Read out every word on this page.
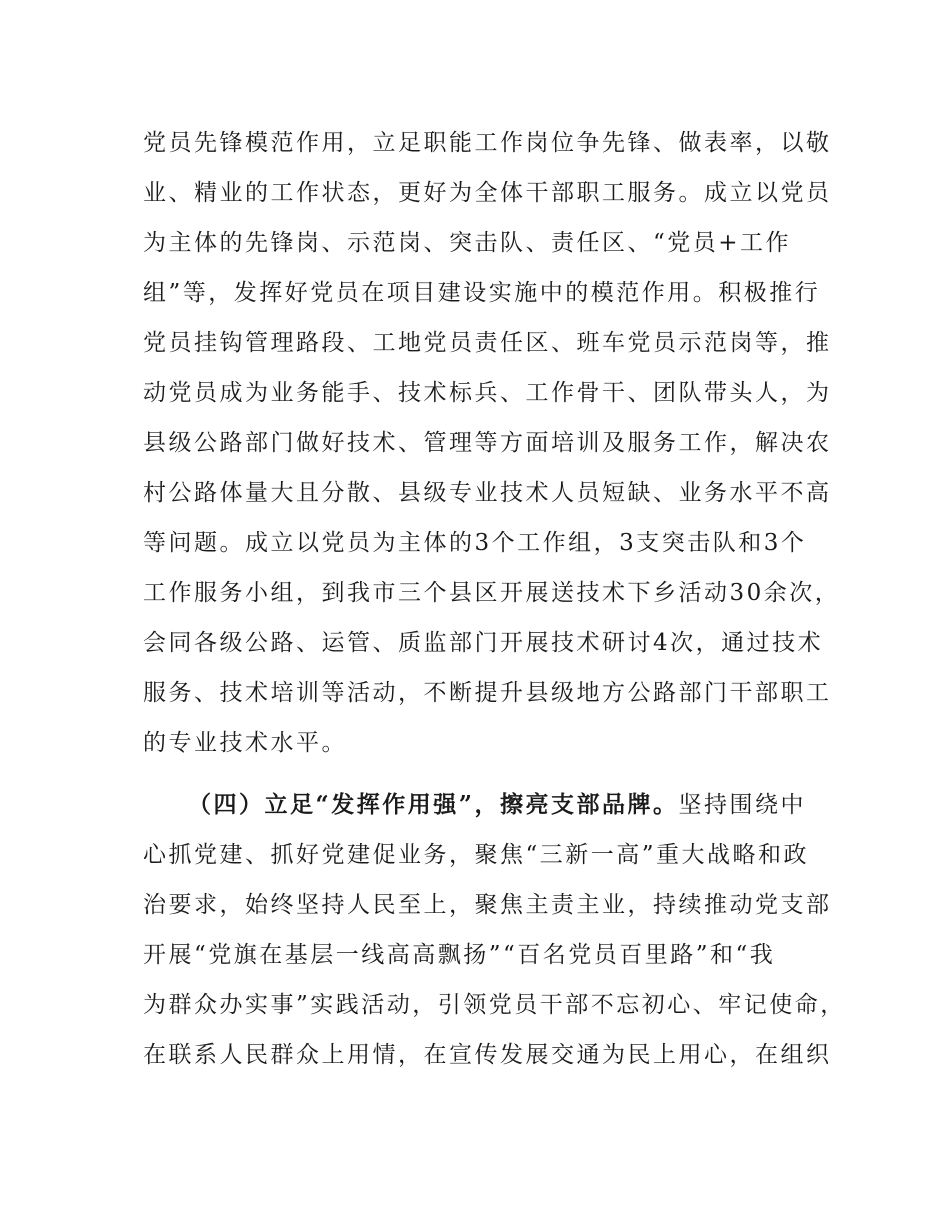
党员先锋模范作用，立足职能工作岗位争先锋、做表率，以敬
业、精业的工作状态，更好为全体干部职工服务。成立以党员
为主体的先锋岗、示范岗、突击队、责任区、“党员+工作
组”等，发挥好党员在项目建设实施中的模范作用。积极推行
党员挂钩管理路段、工地党员责任区、班车党员示范岗等，推
动党员成为业务能手、技术标兵、工作骨干、团队带头人，为
县级公路部门做好技术、管理等方面培训及服务工作，解决农
村公路体量大且分散、县级专业技术人员短缺、业务水平不高
等问题。成立以党员为主体的3个工作组，3支突击队和3个
工作服务小组，到我市三个县区开展送技术下乡活动30余次，
会同各级公路、运管、质监部门开展技术研讨4次，通过技术
服务、技术培训等活动，不断提升县级地方公路部门干部职工
的专业技术水平。
（四）立足“发挥作用强”，擦亮支部品牌。坚持围绕中
心抓党建、抓好党建促业务，聚焦“三新一高”重大战略和政
治要求，始终坚持人民至上，聚焦主责主业，持续推动党支部
开展“党旗在基层一线高高飘扬”“百名党员百里路”和“我
为群众办实事”实践活动，引领党员干部不忘初心、牢记使命，
在联系人民群众上用情，在宣传发展交通为民上用心，在组织
